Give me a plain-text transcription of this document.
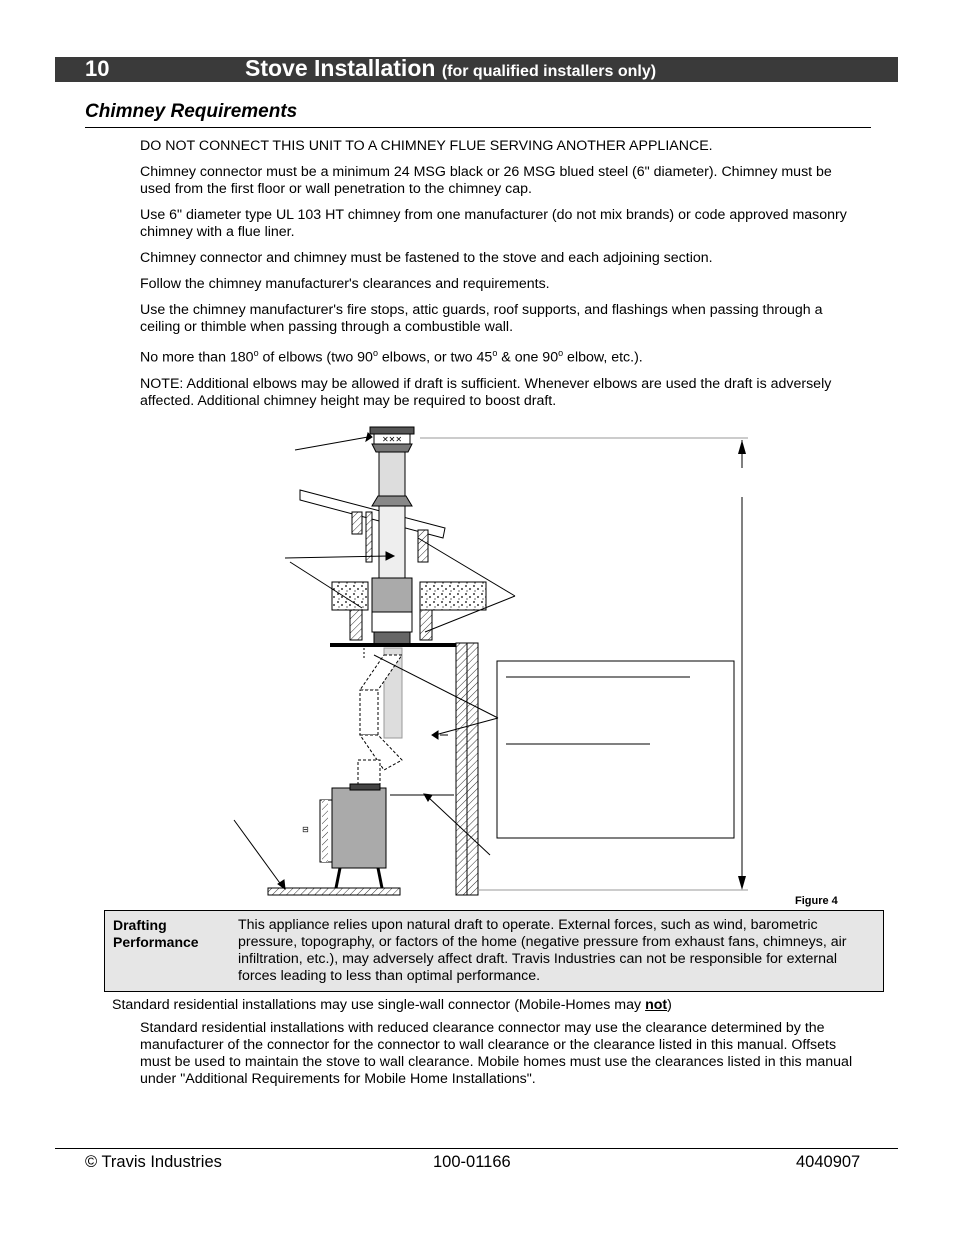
10	Stove Installation (for qualified installers only)
Chimney Requirements

DO NOT CONNECT THIS UNIT TO A CHIMNEY FLUE SERVING ANOTHER APPLIANCE.

Chimney connector must be a minimum 24 MSG black or 26 MSG blued steel (6" diameter). Chimney must be used from the first floor or wall penetration to the chimney cap.

Use 6" diameter type UL 103 HT chimney from one manufacturer (do not mix brands) or code approved masonry chimney with a flue liner.

Chimney connector and chimney must be fastened to the stove and each adjoining section.

Follow the chimney manufacturer's clearances and requirements.

Use the chimney manufacturer's fire stops, attic guards, roof supports, and flashings when passing through a ceiling or thimble when passing through a combustible wall.

No more than 180$^o$ of elbows (two 90$^o$ elbows, or two 45$^o$ & one 90$^o$ elbow, etc.).

NOTE: Additional elbows may be allowed if draft is sufficient. Whenever elbows are used the draft is adversely affected. Additional chimney height may be required to boost draft.

✕✕✕
⊟
Figure 4
Drafting Performance
This appliance relies upon natural draft to operate. External forces, such as wind, barometric pressure, topography, or factors of the home (negative pressure from exhaust fans, chimneys, air infiltration, etc.), may adversely affect draft. Travis Industries can not be responsible for external forces leading to less than optimal performance.
Standard residential installations may use single-wall connector (Mobile-Homes may not)
Standard residential installations with reduced clearance connector may use the clearance determined by the manufacturer of the connector for the connector to wall clearance or the clearance listed in this manual. Offsets must be used to maintain the stove to wall clearance. Mobile homes must use the clearances listed in this manual under "Additional Requirements for Mobile Home Installations".
© Travis Industries	100-01166	4040907
